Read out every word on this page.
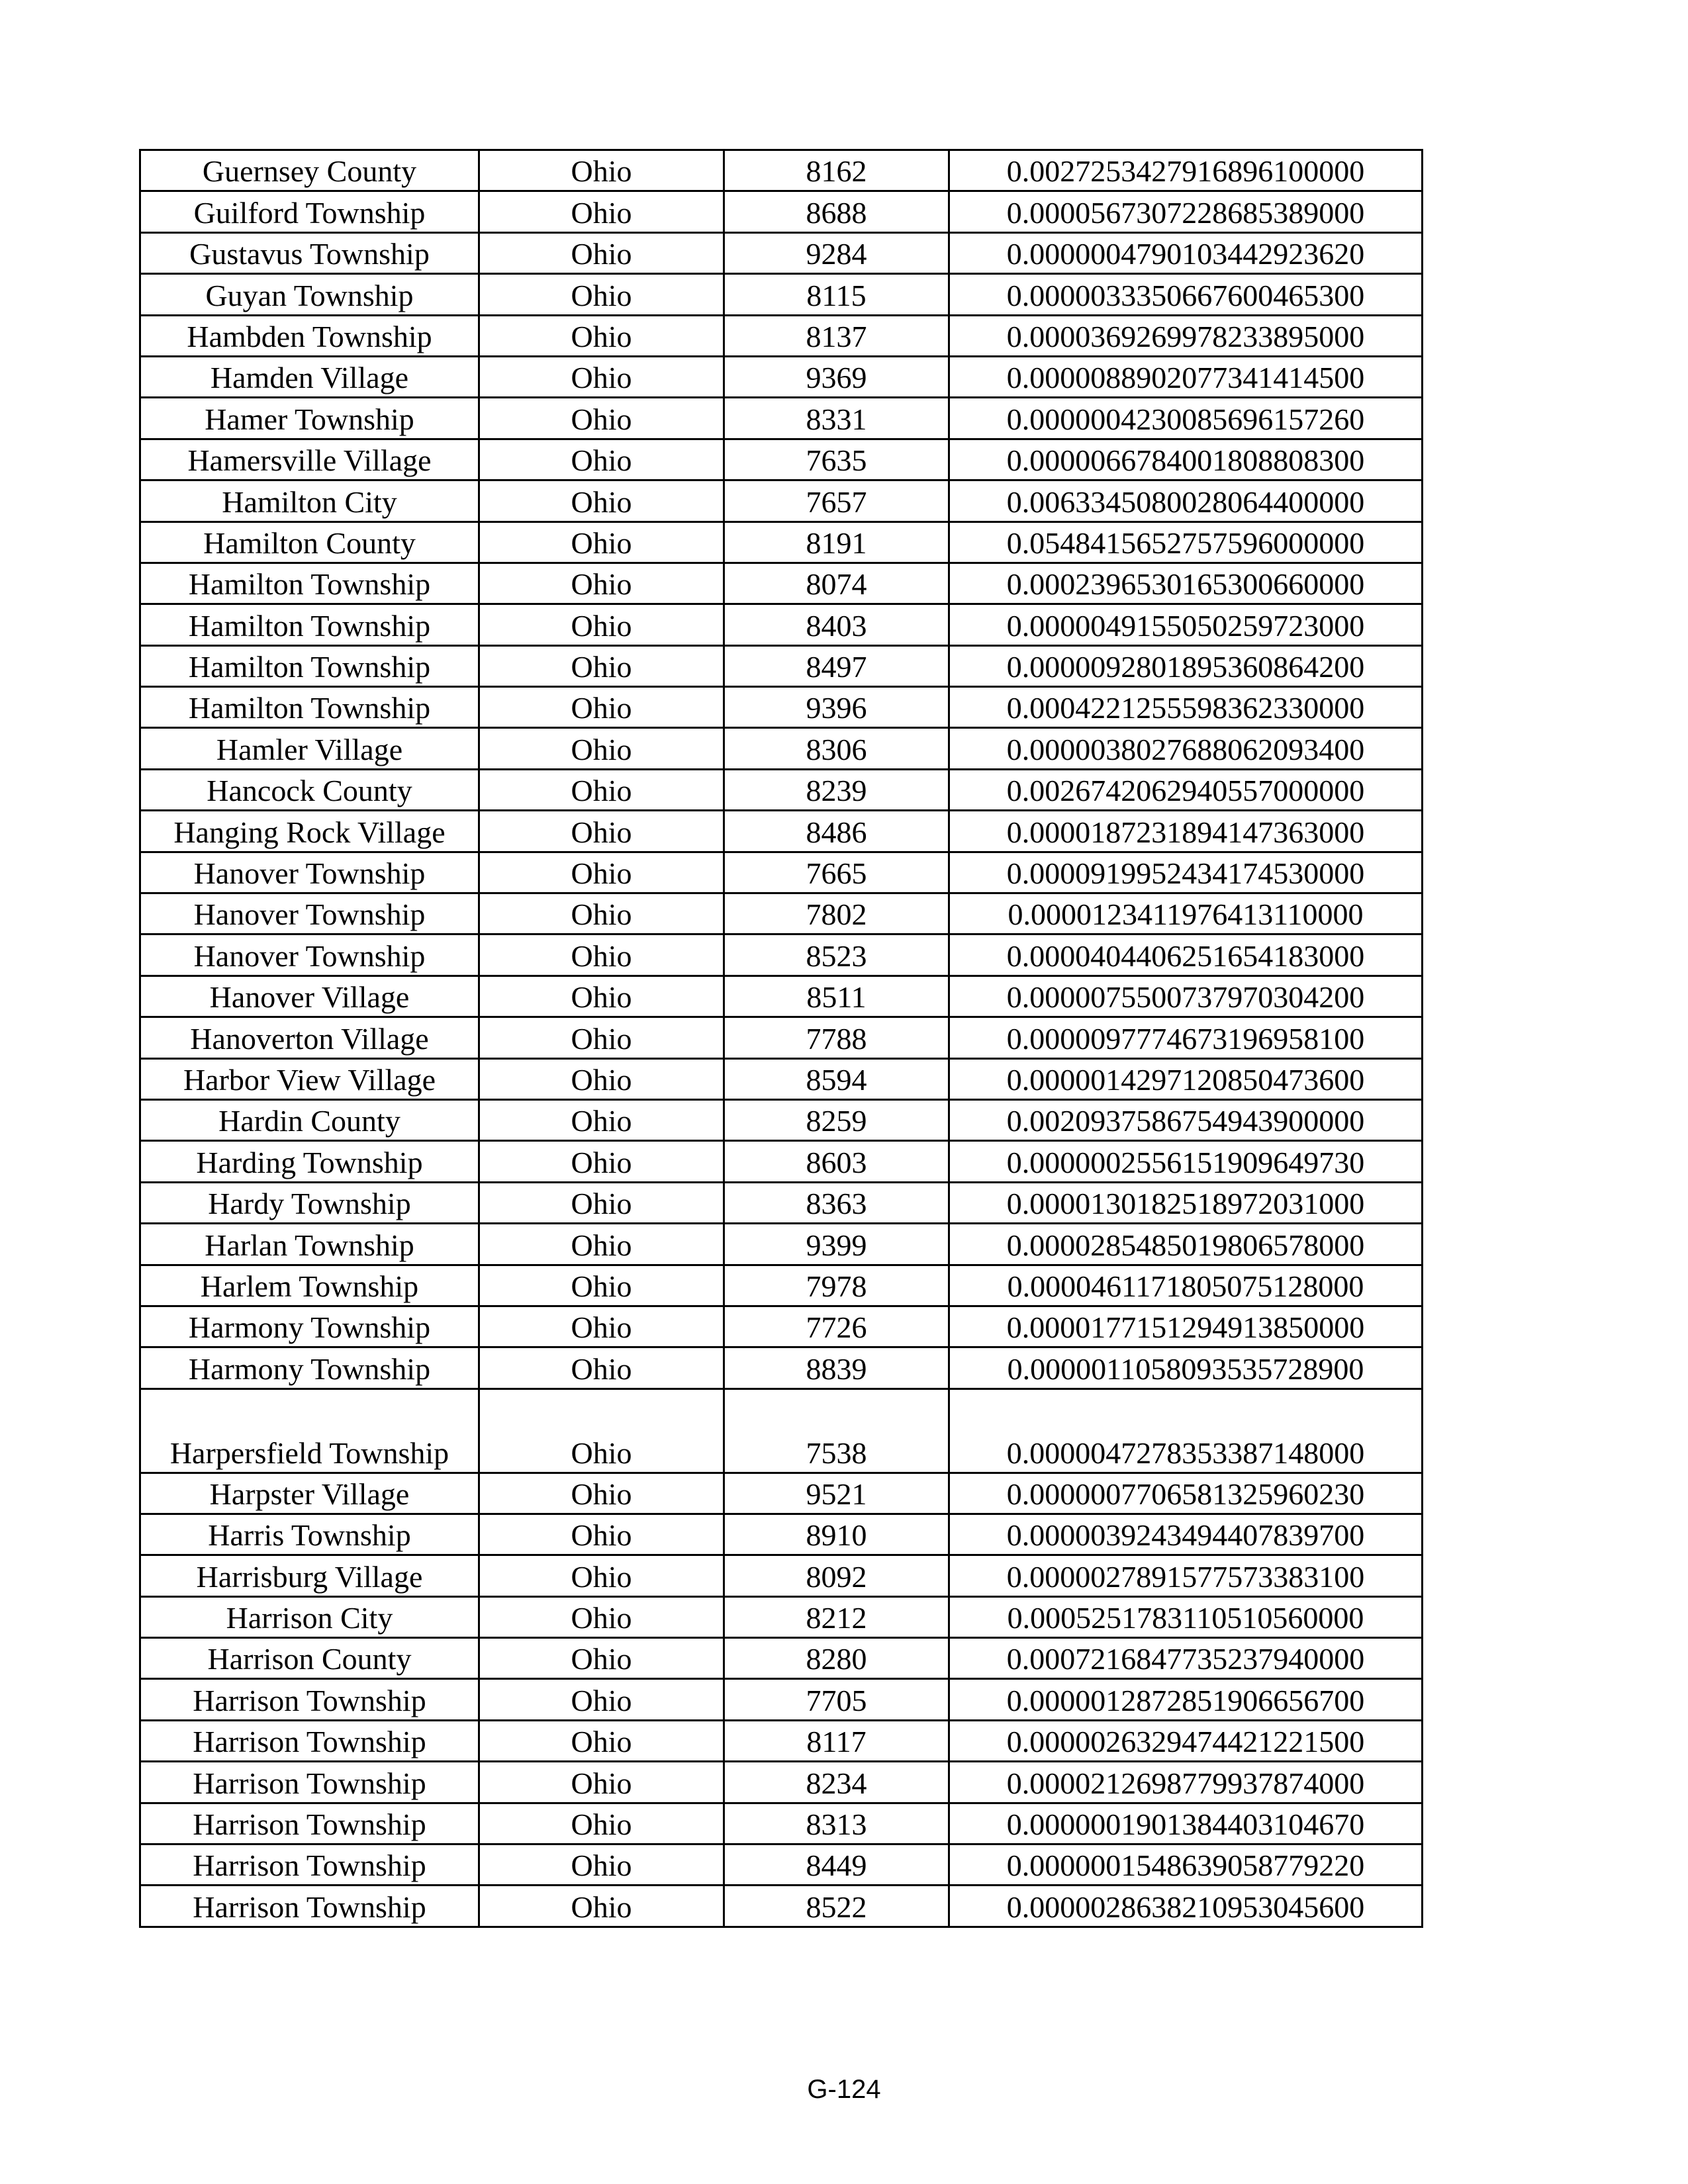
Guernsey County	Ohio	8162	0.0027253427916896100000
Guilford Township	Ohio	8688	0.0000567307228685389000
Gustavus Township	Ohio	9284	0.0000004790103442923620
Guyan Township	Ohio	8115	0.0000033350667600465300
Hambden Township	Ohio	8137	0.0000369269978233895000
Hamden Village	Ohio	9369	0.0000088902077341414500
Hamer Township	Ohio	8331	0.0000004230085696157260
Hamersville Village	Ohio	7635	0.0000066784001808808300
Hamilton City	Ohio	7657	0.0063345080028064400000
Hamilton County	Ohio	8191	0.0548415652757596000000
Hamilton Township	Ohio	8074	0.0002396530165300660000
Hamilton Township	Ohio	8403	0.0000049155050259723000
Hamilton Township	Ohio	8497	0.0000092801895360864200
Hamilton Township	Ohio	9396	0.0004221255598362330000
Hamler Village	Ohio	8306	0.0000038027688062093400
Hancock County	Ohio	8239	0.0026742062940557000000
Hanging Rock Village	Ohio	8486	0.0000187231894147363000
Hanover Township	Ohio	7665	0.0000919952434174530000
Hanover Township	Ohio	7802	0.0000123411976413110000
Hanover Township	Ohio	8523	0.0000404406251654183000
Hanover Village	Ohio	8511	0.0000075500737970304200
Hanoverton Village	Ohio	7788	0.0000097774673196958100
Harbor View Village	Ohio	8594	0.0000014297120850473600
Hardin County	Ohio	8259	0.0020937586754943900000
Harding Township	Ohio	8603	0.0000002556151909649730
Hardy Township	Ohio	8363	0.0000130182518972031000
Harlan Township	Ohio	9399	0.0000285485019806578000
Harlem Township	Ohio	7978	0.0000461171805075128000
Harmony Township	Ohio	7726	0.0000177151294913850000
Harmony Township	Ohio	8839	0.0000011058093535728900
Harpersfield Township	Ohio	7538	0.0000047278353387148000
Harpster Village	Ohio	9521	0.0000007706581325960230
Harris Township	Ohio	8910	0.0000039243494407839700
Harrisburg Village	Ohio	8092	0.0000027891577573383100
Harrison City	Ohio	8212	0.0005251783110510560000
Harrison County	Ohio	8280	0.0007216847735237940000
Harrison Township	Ohio	7705	0.0000012872851906656700
Harrison Township	Ohio	8117	0.0000026329474421221500
Harrison Township	Ohio	8234	0.0000212698779937874000
Harrison Township	Ohio	8313	0.0000001901384403104670
Harrison Township	Ohio	8449	0.0000001548639058779220
Harrison Township	Ohio	8522	0.0000028638210953045600
G-124
